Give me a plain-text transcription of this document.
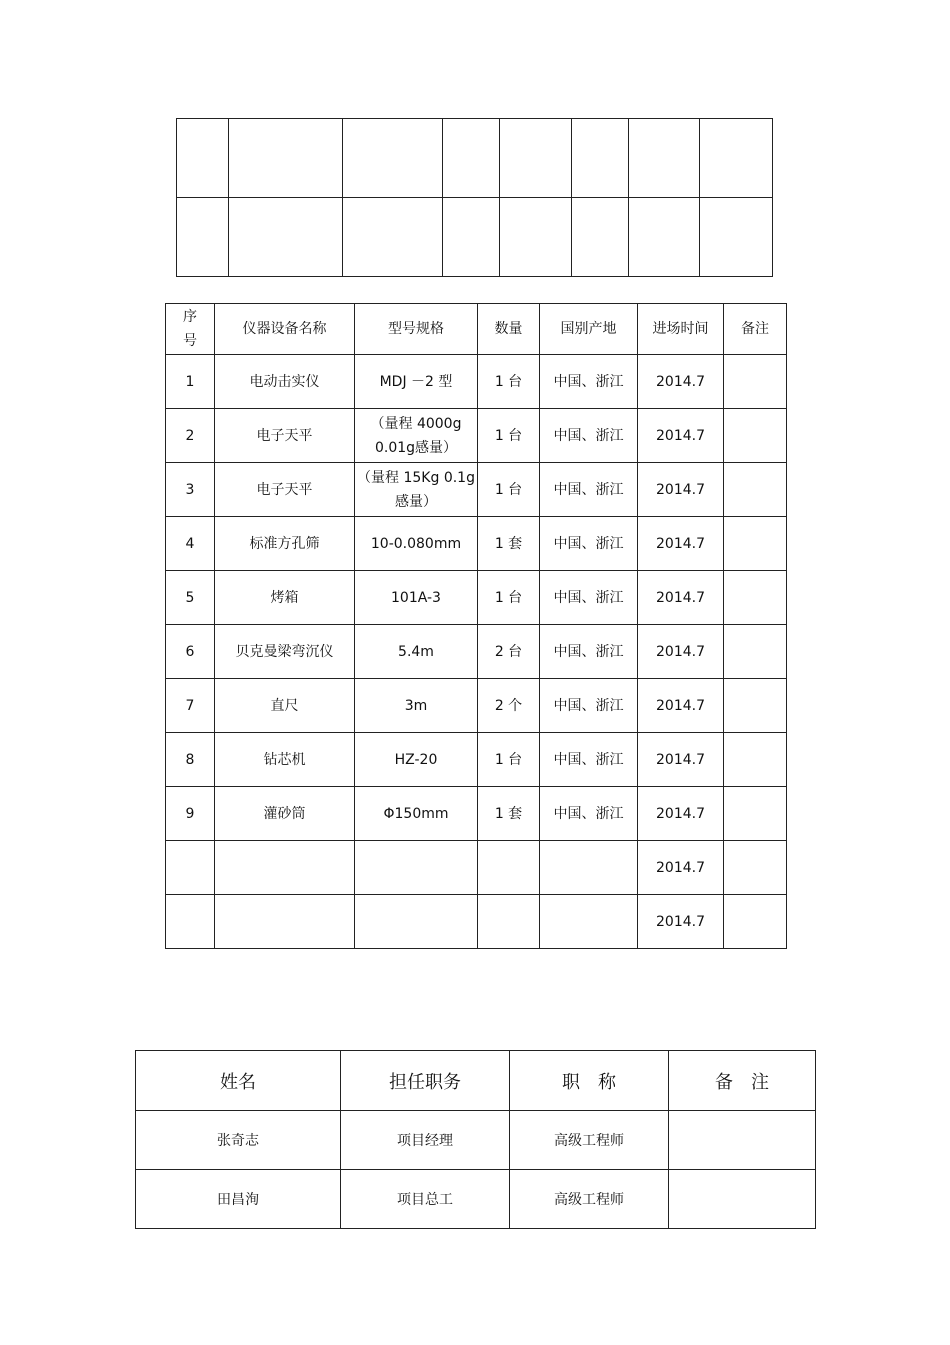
序
号	仪器设备名称	型号规格	数量	国别产地	进场时间	备注
1	电动击实仪	MDJ －2 型	1 台	中国、浙江	2014.7	
2	电子天平	（量程 4000g
0.01g感量）	1 台	中国、浙江	2014.7	
3	电子天平	（量程 15Kg 0.1g
感量）	1 台	中国、浙江	2014.7	
4	标准方孔筛	10-0.080mm	1 套	中国、浙江	2014.7	
5	烤箱	101A-3	1 台	中国、浙江	2014.7	
6	贝克曼梁弯沉仪	5.4m	2 台	中国、浙江	2014.7	
7	直尺	3m	2 个	中国、浙江	2014.7	
8	钻芯机	HZ-20	1 台	中国、浙江	2014.7	
9	灌砂筒	Φ150mm	1 套	中国、浙江	2014.7	
					2014.7	
					2014.7	
姓名	担任职务	职　称	备　注
张奇志	项目经理	高级工程师	
田昌洵	项目总工	高级工程师	
